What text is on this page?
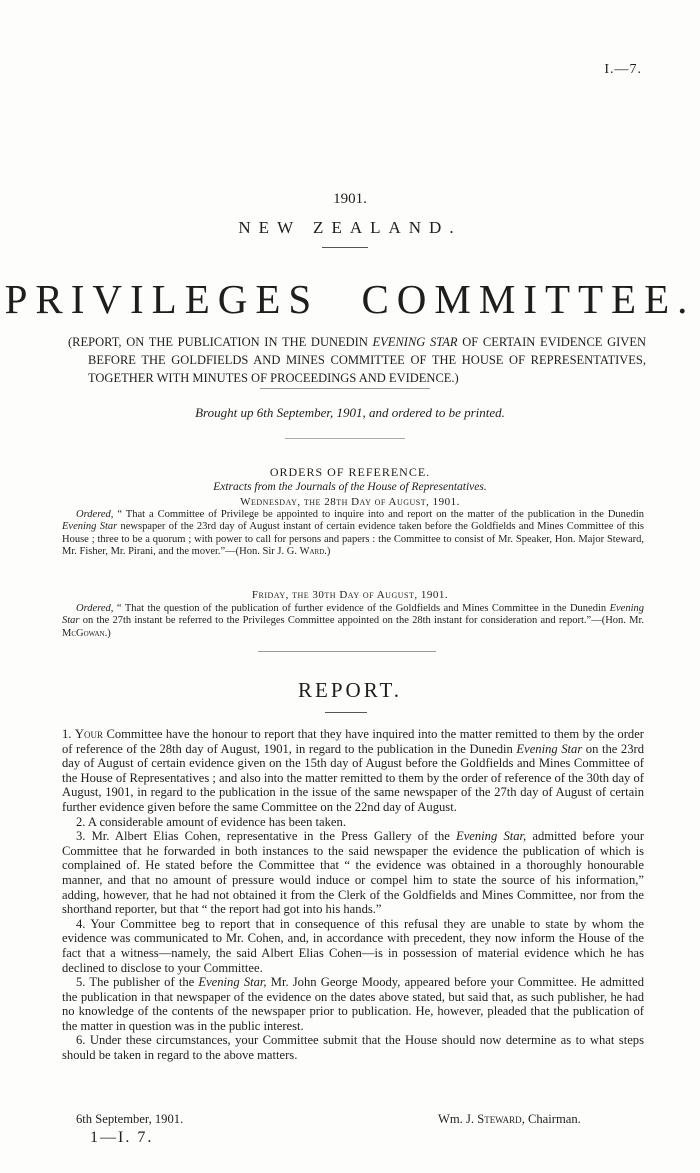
I.—7.
1901.
NEW ZEALAND.
PRIVILEGES COMMITTEE.
(REPORT, ON THE PUBLICATION IN THE DUNEDIN EVENING STAR OF CERTAIN EVIDENCE GIVEN BEFORE THE GOLDFIELDS AND MINES COMMITTEE OF THE HOUSE OF REPRESENTATIVES, TOGETHER WITH MINUTES OF PROCEEDINGS AND EVIDENCE.)
Brought up 6th September, 1901, and ordered to be printed.
ORDERS OF REFERENCE.
Extracts from the Journals of the House of Representatives.
Wednesday, the 28th Day of August, 1901.
Ordered, “ That a Committee of Privilege be appointed to inquire into and report on the matter of the publication in the Dunedin Evening Star newspaper of the 23rd day of August instant of certain evidence taken before the Goldfields and Mines Committee of this House ; three to be a quorum ; with power to call for persons and papers : the Committee to consist of Mr. Speaker, Hon. Major Steward, Mr. Fisher, Mr. Pirani, and the mover.”—(Hon. Sir J. G. Ward.)
Friday, the 30th Day of August, 1901.
Ordered, “ That the question of the publication of further evidence of the Goldfields and Mines Committee in the Dunedin Evening Star on the 27th instant be referred to the Privileges Committee appointed on the 28th instant for consideration and report.”—(Hon. Mr. McGowan.)
REPORT.

1. Your Committee have the honour to report that they have inquired into the matter remitted to them by the order of reference of the 28th day of August, 1901, in regard to the publication in the Dunedin Evening Star on the 23rd day of August of certain evidence given on the 15th day of August before the Goldfields and Mines Committee of the House of Representatives ; and also into the matter remitted to them by the order of reference of the 30th day of August, 1901, in regard to the publication in the issue of the same newspaper of the 27th day of August of certain further evidence given before the same Committee on the 22nd day of August.

2. A considerable amount of evidence has been taken.

3. Mr. Albert Elias Cohen, representative in the Press Gallery of the Evening Star, admitted before your Committee that he forwarded in both instances to the said newspaper the evidence the publication of which is complained of. He stated before the Committee that “ the evidence was obtained in a thoroughly honourable manner, and that no amount of pressure would induce or compel him to state the source of his information,” adding, however, that he had not obtained it from the Clerk of the Goldfields and Mines Committee, nor from the shorthand reporter, but that “ the report had got into his hands.”

4. Your Committee beg to report that in consequence of this refusal they are unable to state by whom the evidence was communicated to Mr. Cohen, and, in accordance with precedent, they now inform the House of the fact that a witness—namely, the said Albert Elias Cohen—is in possession of material evidence which he has declined to disclose to your Committee.

5. The publisher of the Evening Star, Mr. John George Moody, appeared before your Committee. He admitted the publication in that newspaper of the evidence on the dates above stated, but said that, as such publisher, he had no knowledge of the contents of the newspaper prior to publication. He, however, pleaded that the publication of the matter in question was in the public interest.

6. Under these circumstances, your Committee submit that the House should now determine as to what steps should be taken in regard to the above matters.

6th September, 1901.	Wm. J. Steward, Chairman.
1—I. 7.
